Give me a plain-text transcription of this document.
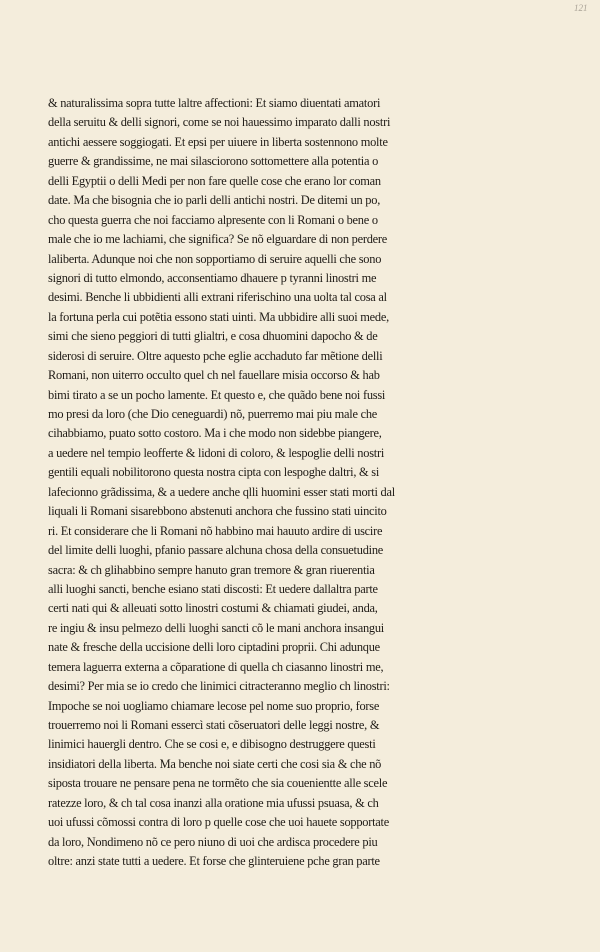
121
& naturalissima sopra tutte laltre affectioni: Et siamo diuentati amatori
della seruitu & delli signori, come se noi hauessimo imparato dalli nostri
antichi aessere soggiogati. Et epsi per uiuere in liberta sostennono molte
guerre & grandissime, ne mai silasciorono sottomettere alla potentia o
delli Egyptii o delli Medi per non fare quelle cose che erano lor coman
date. Ma che bisognia che io parli delli antichi nostri. De ditemi un po,
cho questa guerra che noi facciamo alpresente con li Romani o bene o
male che io me lachiami, che significa? Se nõ elguardare di non perdere
laliberta. Adunque noi che non sopportiamo di seruire aquelli che sono
signori di tutto elmondo, acconsentiamo dhauere p tyranni linostri me
desimi. Benche li ubbidienti alli extrani riferischino una uolta tal cosa al
la fortuna perla cui potẽtia essono stati uinti. Ma ubbidire alli suoi mede,
simi che sieno peggiori di tutti glialtri, e cosa dhuomini dapocho & de
siderosi di seruire. Oltre aquesto pche eglie acchaduto far mẽtione delli
Romani, non uiterro occulto quel ch nel fauellare misia occorso & hab
bimi tirato a se un pocho lamente. Et questo e, che quãdo bene noi fussi
mo presi da loro (che Dio ceneguardi) nõ, puerremo mai piu male che
cihabbiamo, puato sotto costoro. Ma i che modo non sidebbe piangere,
a uedere nel tempio leofferte & lidoni di coloro, & lespoglie delli nostri
gentili equali nobilitorono questa nostra cipta con lespoghe daltri, & si
lafecionno grãdissima, & a uedere anche qlli huomini esser stati morti dal
liquali li Romani sisarebbono abstenuti anchora che fussino stati uincito
ri. Et considerare che li Romani nõ habbino mai hauuto ardire di uscire
del limite delli luoghi, pfanio passare alchuna chosa della consuetudine
sacra: & ch glihabbino sempre hanuto gran tremore & gran riuerentia
alli luoghi sancti, benche esiano stati discosti: Et uedere dallaltra parte
certi nati qui & alleuati sotto linostri costumi & chiamati giudei, anda,
re ingiu & insu pelmezo delli luoghi sancti cõ le mani anchora insangui
nate & fresche della uccisione delli loro ciptadini proprii. Chi adunque
temera laguerra externa a cõparatione di quella ch ciasanno linostri me,
desimi? Per mia se io credo che linimici citracteranno meglio ch linostri:
Impoche se noi uogliamo chiamare lecose pel nome suo proprio, forse
trouerremo noi li Romani essercì stati cõseruatori delle leggi nostre, &
linimici hauergli dentro. Che se cosi e, e dibisogno destruggere questi
insidiatori della liberta. Ma benche noi siate certi che cosi sia & che nõ
siposta trouare ne pensare pena ne tormẽto che sia couenientte alle scele
ratezze loro, & ch tal cosa inanzi alla oratione mia ufussi psuasa, & ch
uoi ufussi cõmossi contra di loro p quelle cose che uoi hauete sopportate
da loro, Nondimeno nõ ce pero niuno di uoi che ardisca procedere piu
oltre: anzi state tutti a uedere. Et forse che glinteruiene pche gran parte
